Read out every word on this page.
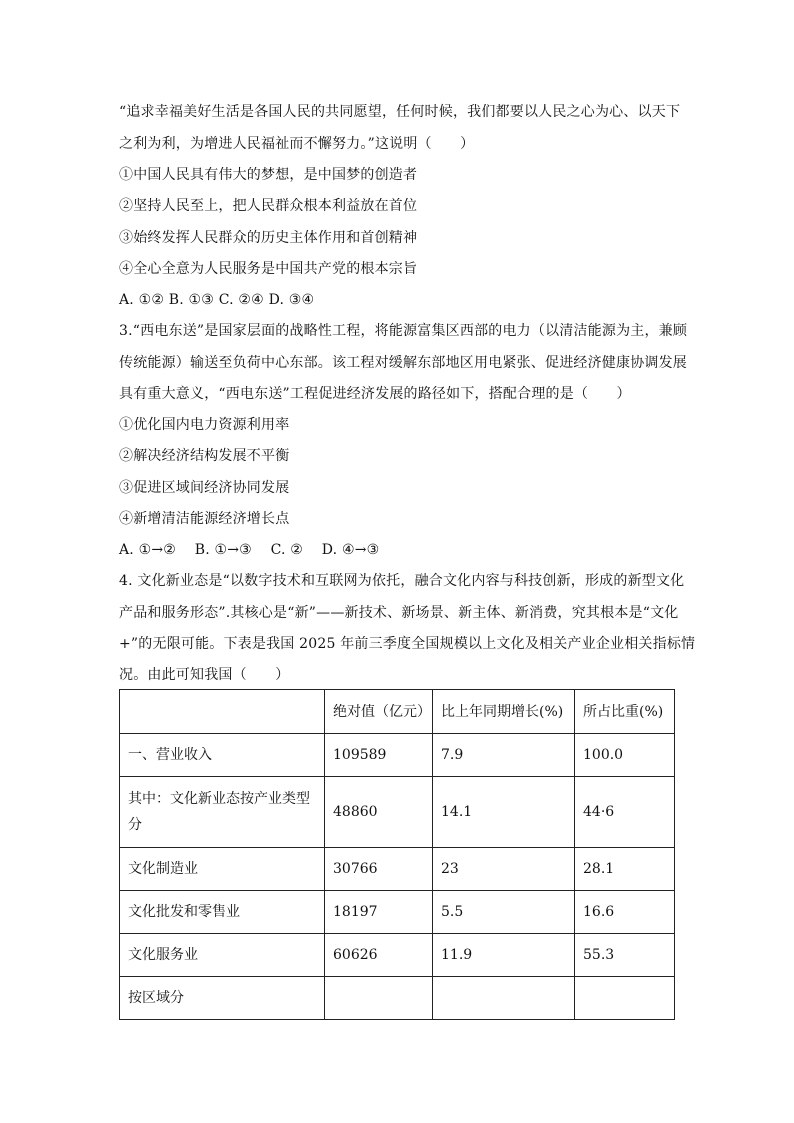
“追求幸福美好生活是各国人民的共同愿望，任何时候，我们都要以人民之心为心、以天下
之利为利，为增进人民福祉而不懈努力。”这说明（　　）
①中国人民具有伟大的梦想，是中国梦的创造者
②坚持人民至上，把人民群众根本利益放在首位
③始终发挥人民群众的历史主体作用和首创精神
④全心全意为人民服务是中国共产党的根本宗旨
A. ①② B. ①③ C. ②④ D. ③④
3.“西电东送”是国家层面的战略性工程，将能源富集区西部的电力（以清洁能源为主，兼顾
传统能源）输送至负荷中心东部。该工程对缓解东部地区用电紧张、促进经济健康协调发展
具有重大意义，“西电东送”工程促进经济发展的路径如下，搭配合理的是（　　）
①优化国内电力资源利用率
②解决经济结构发展不平衡
③促进区域间经济协同发展
④新增清洁能源经济增长点
A. ①→② B. ①→③ C. ② D. ④→③
4. 文化新业态是“以数字技术和互联网为依托，融合文化内容与科技创新，形成的新型文化
产品和服务形态”.其核心是“新”——新技术、新场景、新主体、新消费，究其根本是“文化
+”的无限可能。下表是我国 2025 年前三季度全国规模以上文化及相关产业企业相关指标情
况。由此可知我国（　　）
	绝对值（亿元）	比上年同期增长(%)	所占比重(%)
一、营业收入	109589	7.9	100.0
其中：文化新业态按产业类型分	48860	14.1	44·6
文化制造业	30766	23	28.1
文化批发和零售业	18197	5.5	16.6
文化服务业	60626	11.9	55.3
按区域分			
